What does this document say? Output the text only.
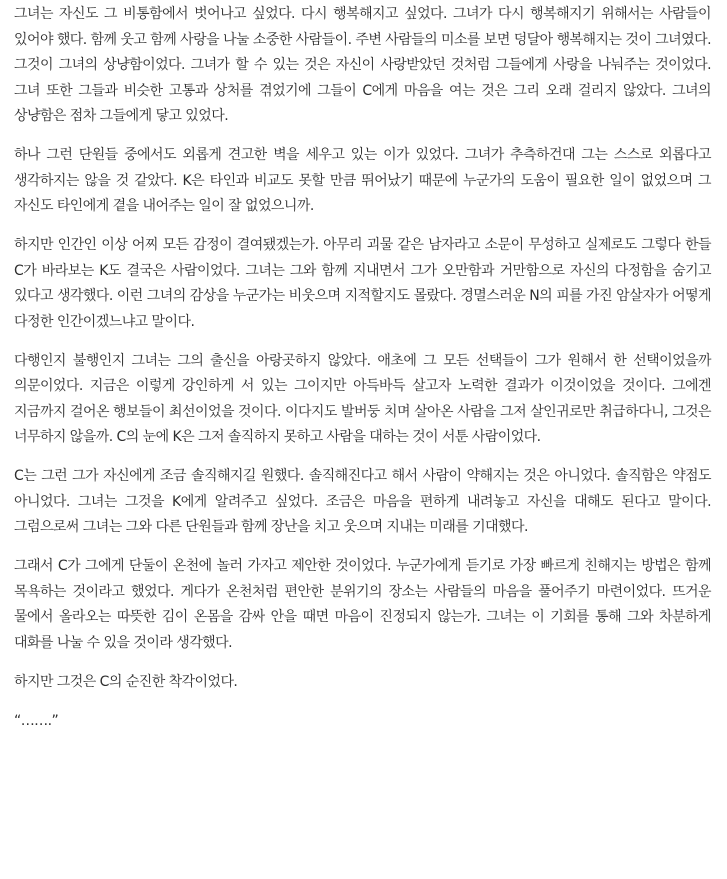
그녀는 자신도 그 비통함에서 벗어나고 싶었다. 다시 행복해지고 싶었다. 그녀가 다시 행복해지기 위해서는 사람들이 있어야 했다. 함께 웃고 함께 사랑을 나눌 소중한 사람들이. 주변 사람들의 미소를 보면 덩달아 행복해지는 것이 그녀였다. 그것이 그녀의 상냥함이었다. 그녀가 할 수 있는 것은 자신이 사랑받았던 것처럼 그들에게 사랑을 나눠주는 것이었다. 그녀 또한 그들과 비슷한 고통과 상처를 겪었기에 그들이 C에게 마음을 여는 것은 그리 오래 걸리지 않았다. 그녀의 상냥함은 점차 그들에게 닿고 있었다.

하나 그런 단원들 중에서도 외롭게 견고한 벽을 세우고 있는 이가 있었다. 그녀가 추측하건대 그는 스스로 외롭다고 생각하지는 않을 것 같았다. K은 타인과 비교도 못할 만큼 뛰어났기 때문에 누군가의 도움이 필요한 일이 없었으며 그 자신도 타인에게 곁을 내어주는 일이 잘 없었으니까.

하지만 인간인 이상 어찌 모든 감정이 결여됐겠는가. 아무리 괴물 같은 남자라고 소문이 무성하고 실제로도 그렇다 한들 C가 바라보는 K도 결국은 사람이었다. 그녀는 그와 함께 지내면서 그가 오만함과 거만함으로 자신의 다정함을 숨기고 있다고 생각했다. 이런 그녀의 감상을 누군가는 비웃으며 지적할지도 몰랐다. 경멸스러운 N의 피를 가진 암살자가 어떻게 다정한 인간이겠느냐고 말이다.

다행인지 불행인지 그녀는 그의 출신을 아랑곳하지 않았다. 애초에 그 모든 선택들이 그가 원해서 한 선택이었을까 의문이었다. 지금은 이렇게 강인하게 서 있는 그이지만 아득바득 살고자 노력한 결과가 이것이었을 것이다. 그에겐 지금까지 걸어온 행보들이 최선이었을 것이다. 이다지도 발버둥 치며 살아온 사람을 그저 살인귀로만 취급하다니, 그것은 너무하지 않을까. C의 눈에 K은 그저 솔직하지 못하고 사람을 대하는 것이 서툰 사람이었다.

C는 그런 그가 자신에게 조금 솔직해지길 원했다. 솔직해진다고 해서 사람이 약해지는 것은 아니었다. 솔직함은 약점도 아니었다. 그녀는 그것을 K에게 알려주고 싶었다. 조금은 마음을 편하게 내려놓고 자신을 대해도 된다고 말이다. 그럼으로써 그녀는 그와 다른 단원들과 함께 장난을 치고 웃으며 지내는 미래를 기대했다.

그래서 C가 그에게 단둘이 온천에 놀러 가자고 제안한 것이었다. 누군가에게 듣기로 가장 빠르게 친해지는 방법은 함께 목욕하는 것이라고 했었다. 게다가 온천처럼 편안한 분위기의 장소는 사람들의 마음을 풀어주기 마련이었다. 뜨거운 물에서 올라오는 따뜻한 김이 온몸을 감싸 안을 때면 마음이 진정되지 않는가. 그녀는 이 기회를 통해 그와 차분하게 대화를 나눌 수 있을 것이라 생각했다.

하지만 그것은 C의 순진한 착각이었다.

“…….”
